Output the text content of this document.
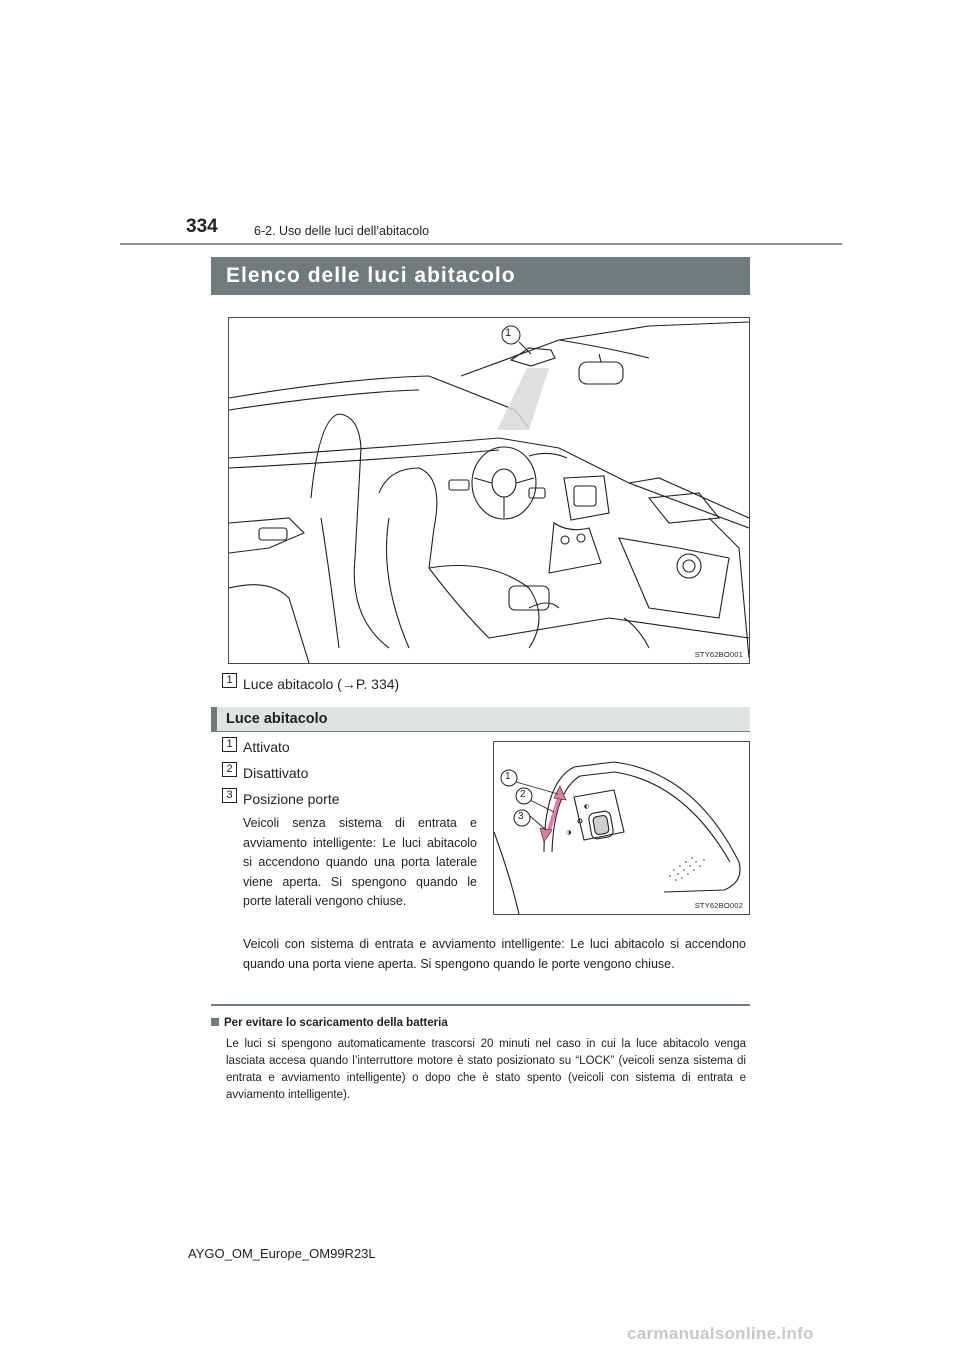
334	6-2. Uso delle luci dell’abitacolo
Elenco delle luci abitacolo
1
STY62BO001
1 Luce abitacolo (→P. 334)
Luce abitacolo
1 Attivato
2 Disattivato
3 Posizione porte
Veicoli senza sistema di entrata e avviamento intelligente: Le luci abitacolo si accendono quando una porta laterale viene aperta. Si spengono quando le porte laterali vengono chiuse.
Veicoli con sistema di entrata e avviamento intelligente: Le luci abitacolo si accendono quando una porta viene aperta. Si spengono quando le porte vengono chiuse.
◐
◑
1
2
3
STY62BO002
Per evitare lo scaricamento della batteria
Le luci si spengono automaticamente trascorsi 20 minuti nel caso in cui la luce abitacolo venga lasciata accesa quando l’interruttore motore è stato posizionato su “LOCK” (veicoli senza sistema di entrata e avviamento intelligente) o dopo che è stato spento (veicoli con sistema di entrata e avviamento intelligente).
AYGO_OM_Europe_OM99R23L
carmanualsonline.info
